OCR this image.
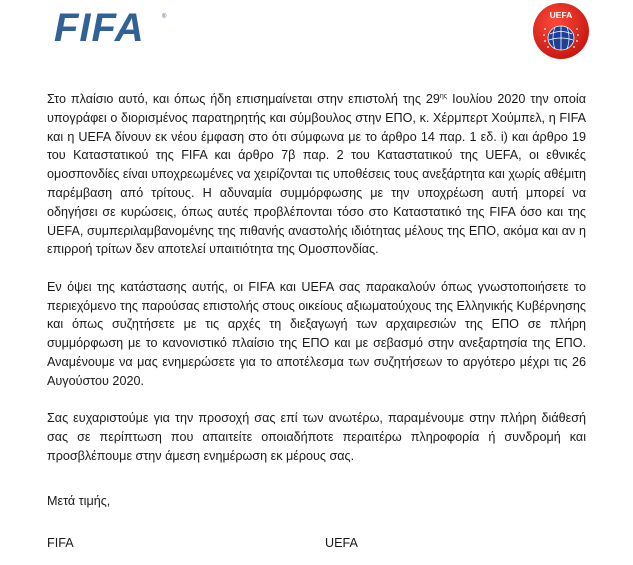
FIFA	®	UEFA

Στο πλαίσιο αυτό, και όπως ήδη επισημαίνεται στην επιστολή της $29^{\eta\varsigma}$ Ιουλίου 2020 την οποία υπογράφει ο διορισμένος παρατηρητής και σύμβουλος στην ΕΠΟ, κ. Χέρμπερτ Χούμπελ, η FIFA και η UEFA δίνουν εκ νέου έμφαση στο ότι σύμφωνα με το άρθρο 14 παρ. 1 εδ. i) και άρθρο 19 του Καταστατικού της FIFA και άρθρο 7β παρ. 2 του Καταστατικού της UEFA, οι εθνικές ομοσπονδίες είναι υποχρεωμένες να χειρίζονται τις υποθέσεις τους ανεξάρτητα και χωρίς αθέμιτη παρέμβαση από τρίτους. Η αδυναμία συμμόρφωσης με την υποχρέωση αυτή μπορεί να οδηγήσει σε κυρώσεις, όπως αυτές προβλέπονται τόσο στο Καταστατικό της FIFA όσο και της UEFA, συμπεριλαμβανομένης της πιθανής αναστολής ιδιότητας μέλους της ΕΠΟ, ακόμα και αν η επιρροή τρίτων δεν αποτελεί υπαιτιότητα της Ομοσπονδίας.

Εν όψει της κατάστασης αυτής, οι FIFA και UEFA σας παρακαλούν όπως γνωστοποιήσετε το περιεχόμενο της παρούσας επιστολής στους οικείους αξιωματούχους της Ελληνικής Κυβέρνησης και όπως συζητήσετε με τις αρχές τη διεξαγωγή των αρχαιρεσιών της ΕΠΟ σε πλήρη συμμόρφωση με το κανονιστικό πλαίσιο της ΕΠΟ και με σεβασμό στην ανεξαρτησία της ΕΠΟ. Αναμένουμε να μας ενημερώσετε για το αποτέλεσμα των συζητήσεων το αργότερο μέχρι τις 26 Αυγούστου 2020.

Σας ευχαριστούμε για την προσοχή σας επί των ανωτέρω, παραμένουμε στην πλήρη διάθεσή σας σε περίπτωση που απαιτείτε οποιαδήποτε περαιτέρω πληροφορία ή συνδρομή και προσβλέπουμε στην άμεση ενημέρωση εκ μέρους σας.

Μετά τιμής,
FIFA	UEFA
